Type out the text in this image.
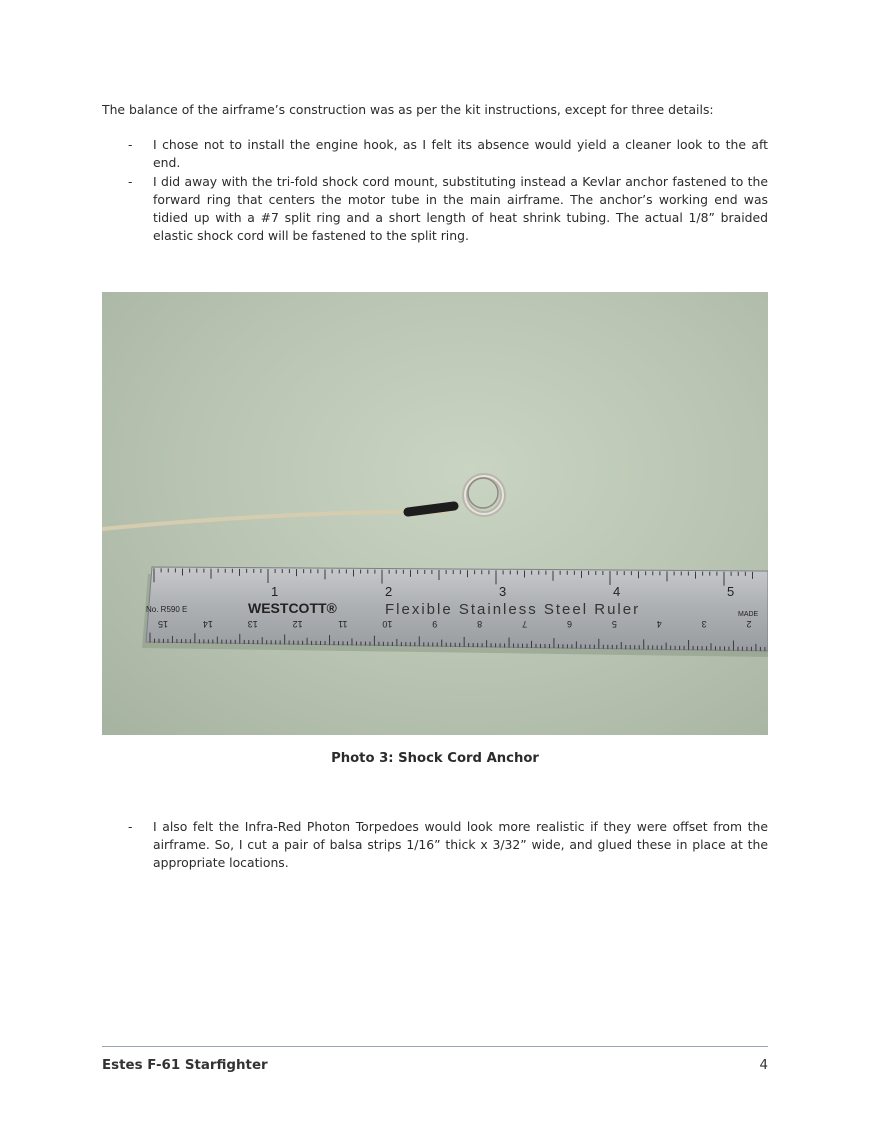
The balance of the airframe’s construction was as per the kit instructions, except for three details:

- I chose not to install the engine hook, as I felt its absence would yield a cleaner look to the aft end.
- I did away with the tri-fold shock cord mount, substituting instead a Kevlar anchor fastened to the forward ring that centers the motor tube in the main airframe. The anchor’s working end was tidied up with a #7 split ring and a short length of heat shrink tubing. The actual 1/8” braided elastic shock cord will be fastened to the split ring.
No. R590 E	WESTCOTT®	Flexible Stainless Steel Ruler	MADE
1	2	3	4	5
15	14	13	12	11	10	9	8	7	6	5	4	3	2
Photo 3: Shock Cord Anchor
- I also felt the Infra-Red Photon Torpedoes would look more realistic if they were offset from the airframe. So, I cut a pair of balsa strips 1/16” thick x 3/32” wide, and glued these in place at the appropriate locations.
Estes F-61 Starfighter	4
